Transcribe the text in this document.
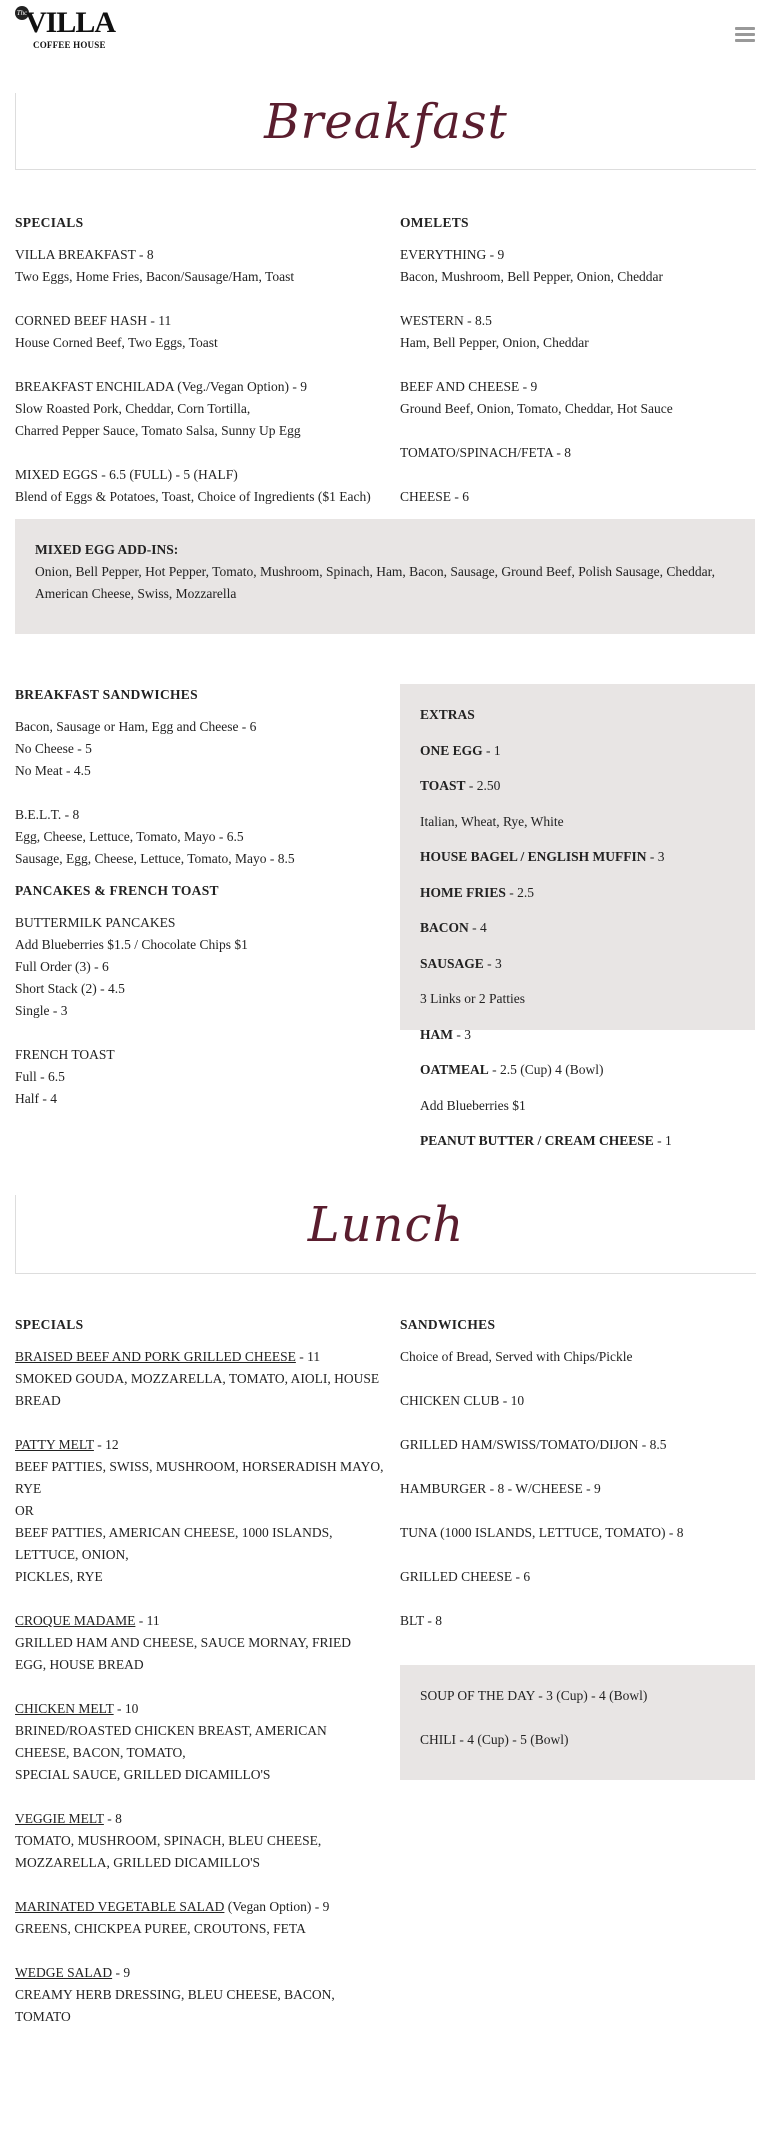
The
VILLA
COFFEE HOUSE
Breakfast
SPECIALS

VILLA BREAKFAST - 8

Two Eggs, Home Fries, Bacon/Sausage/Ham, Toast

CORNED BEEF HASH - 11

House Corned Beef, Two Eggs, Toast

BREAKFAST ENCHILADA (Veg./Vegan Option) - 9

Slow Roasted Pork, Cheddar, Corn Tortilla,

Charred Pepper Sauce, Tomato Salsa, Sunny Up Egg

MIXED EGGS - 6.5 (FULL) - 5 (HALF)

Blend of Eggs & Potatoes, Toast, Choice of Ingredients ($1 Each)

OMELETS

EVERYTHING - 9

Bacon, Mushroom, Bell Pepper, Onion, Cheddar

WESTERN - 8.5

Ham, Bell Pepper, Onion, Cheddar

BEEF AND CHEESE - 9

Ground Beef, Onion, Tomato, Cheddar, Hot Sauce

TOMATO/SPINACH/FETA - 8

CHEESE - 6

MIXED EGG ADD-INS:
Onion, Bell Pepper, Hot Pepper, Tomato, Mushroom, Spinach, Ham, Bacon, Sausage, Ground Beef, Polish Sausage, Cheddar,
American Cheese, Swiss, Mozzarella
BREAKFAST SANDWICHES

Bacon, Sausage or Ham, Egg and Cheese - 6

No Cheese - 5

No Meat - 4.5

B.E.L.T. - 8

Egg, Cheese, Lettuce, Tomato, Mayo - 6.5

Sausage, Egg, Cheese, Lettuce, Tomato, Mayo - 8.5

PANCAKES & FRENCH TOAST

BUTTERMILK PANCAKES

Add Blueberries $1.5 / Chocolate Chips $1

Full Order (3) - 6

Short Stack (2) - 4.5

Single - 3

FRENCH TOAST

Full - 6.5

Half - 4

EXTRAS

ONE EGG - 1

TOAST - 2.50

Italian, Wheat, Rye, White

HOUSE BAGEL / ENGLISH MUFFIN - 3

HOME FRIES - 2.5

BACON - 4

SAUSAGE - 3

3 Links or 2 Patties

HAM - 3

OATMEAL - 2.5 (Cup) 4 (Bowl)

Add Blueberries $1

PEANUT BUTTER / CREAM CHEESE - 1

Lunch
SPECIALS

BRAISED BEEF AND PORK GRILLED CHEESE - 11

SMOKED GOUDA, MOZZARELLA, TOMATO, AIOLI, HOUSE

BREAD

PATTY MELT - 12

BEEF PATTIES, SWISS, MUSHROOM, HORSERADISH MAYO,

RYE

OR

BEEF PATTIES, AMERICAN CHEESE, 1000 ISLANDS,

LETTUCE, ONION,

PICKLES, RYE

CROQUE MADAME - 11

GRILLED HAM AND CHEESE, SAUCE MORNAY, FRIED

EGG, HOUSE BREAD

CHICKEN MELT - 10

BRINED/ROASTED CHICKEN BREAST, AMERICAN

CHEESE, BACON, TOMATO,

SPECIAL SAUCE, GRILLED DICAMILLO'S

VEGGIE MELT - 8

TOMATO, MUSHROOM, SPINACH, BLEU CHEESE,

MOZZARELLA, GRILLED DICAMILLO'S

MARINATED VEGETABLE SALAD (Vegan Option) - 9

GREENS, CHICKPEA PUREE, CROUTONS, FETA

WEDGE SALAD - 9

CREAMY HERB DRESSING, BLEU CHEESE, BACON,

TOMATO

SANDWICHES

Choice of Bread, Served with Chips/Pickle

CHICKEN CLUB - 10

GRILLED HAM/SWISS/TOMATO/DIJON - 8.5

HAMBURGER - 8 - W/CHEESE - 9

TUNA (1000 ISLANDS, LETTUCE, TOMATO) - 8

GRILLED CHEESE - 6

BLT - 8

SOUP OF THE DAY - 3 (Cup) - 4 (Bowl)
CHILI - 4 (Cup) - 5 (Bowl)
